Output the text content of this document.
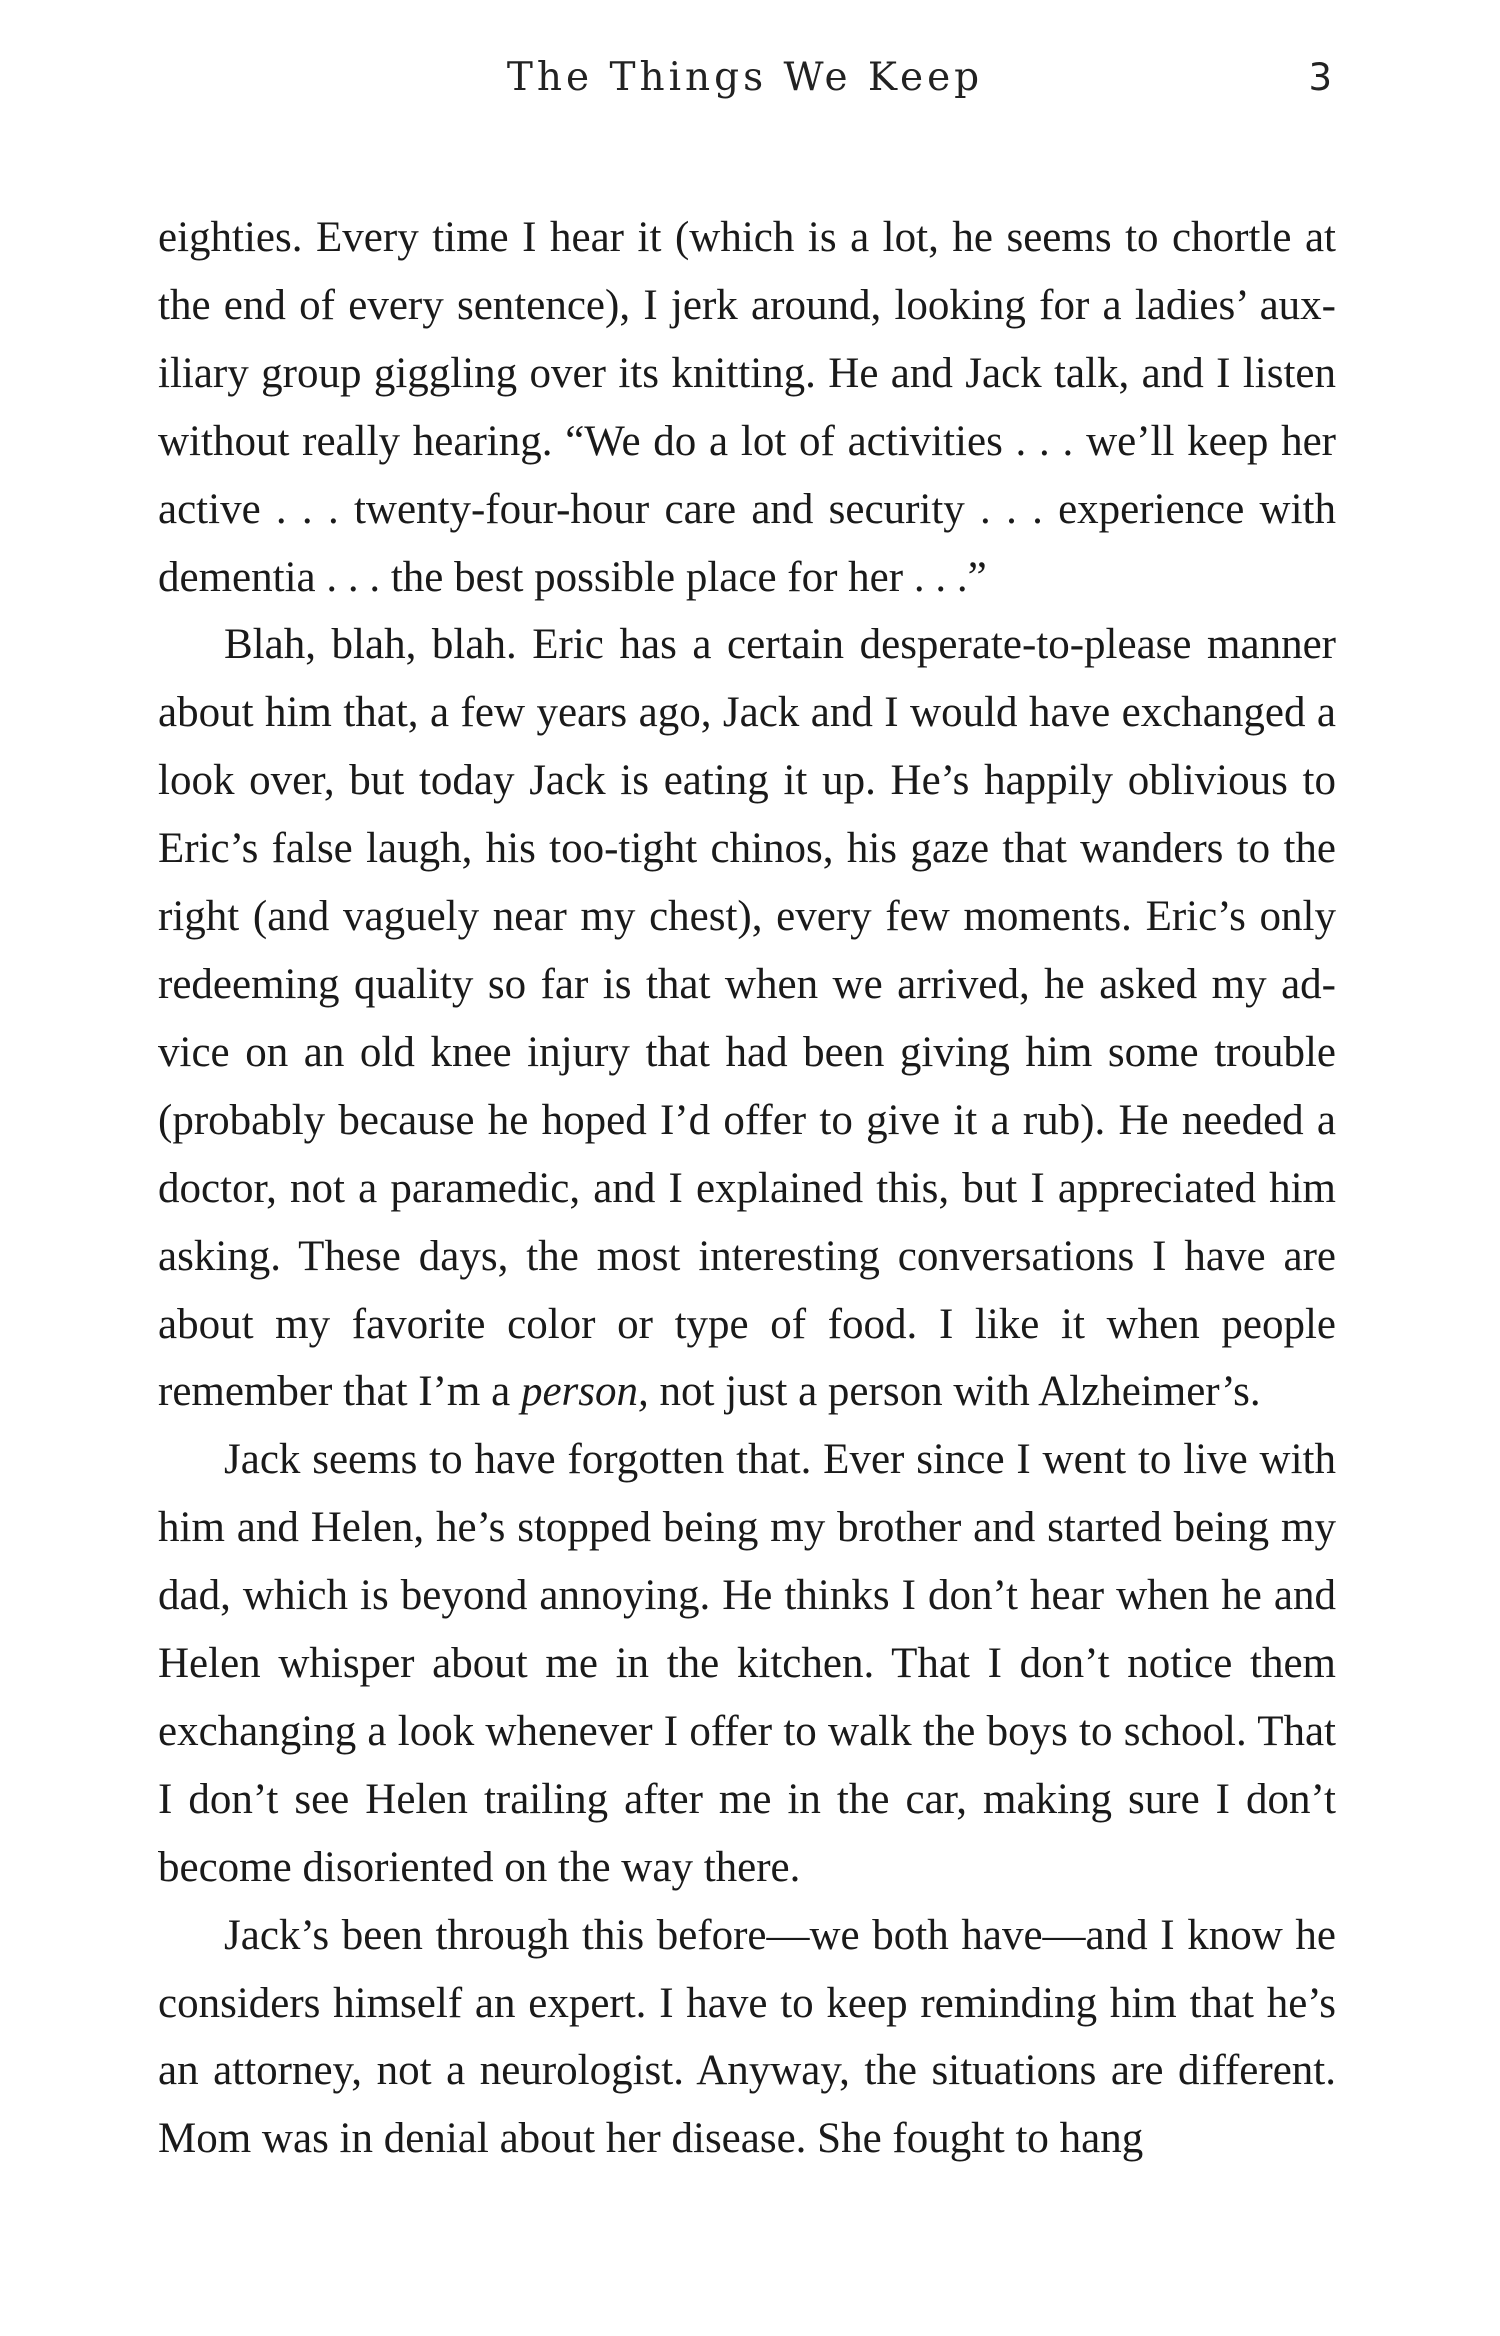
The Things We Keep	3

eighties. Every time I hear it (which is a lot, he seems to chortle at the end of every sentence), I jerk around, looking for a ladies’ auxiliary group giggling over its knitting. He and Jack talk, and I listen without really hearing. “We do a lot of activities . . . we’ll keep her active . . . twenty-four-hour care and security . . . experience with dementia . . . the best possible place for her . . .”

Blah, blah, blah. Eric has a certain desperate-to-please manner about him that, a few years ago, Jack and I would have exchanged a look over, but today Jack is eating it up. He’s happily oblivious to Eric’s false laugh, his too-tight chinos, his gaze that wanders to the right (and vaguely near my chest), every few moments. Eric’s only redeeming quality so far is that when we arrived, he asked my advice on an old knee injury that had been giving him some trouble (probably because he hoped I’d offer to give it a rub). He needed a doctor, not a paramedic, and I explained this, but I appreciated him asking. These days, the most interesting conversations I have are about my favorite color or type of food. I like it when people remember that I’m a person, not just a person with Alzheimer’s.

Jack seems to have forgotten that. Ever since I went to live with him and Helen, he’s stopped being my brother and started being my dad, which is beyond annoying. He thinks I don’t hear when he and Helen whisper about me in the kitchen. That I don’t notice them exchanging a look whenever I offer to walk the boys to school. That I don’t see Helen trailing after me in the car, making sure I don’t become disoriented on the way there.

Jack’s been through this before—we both have—and I know he considers himself an expert. I have to keep reminding him that he’s an attorney, not a neurologist. Anyway, the situations are different. Mom was in denial about her disease. She fought to hang
